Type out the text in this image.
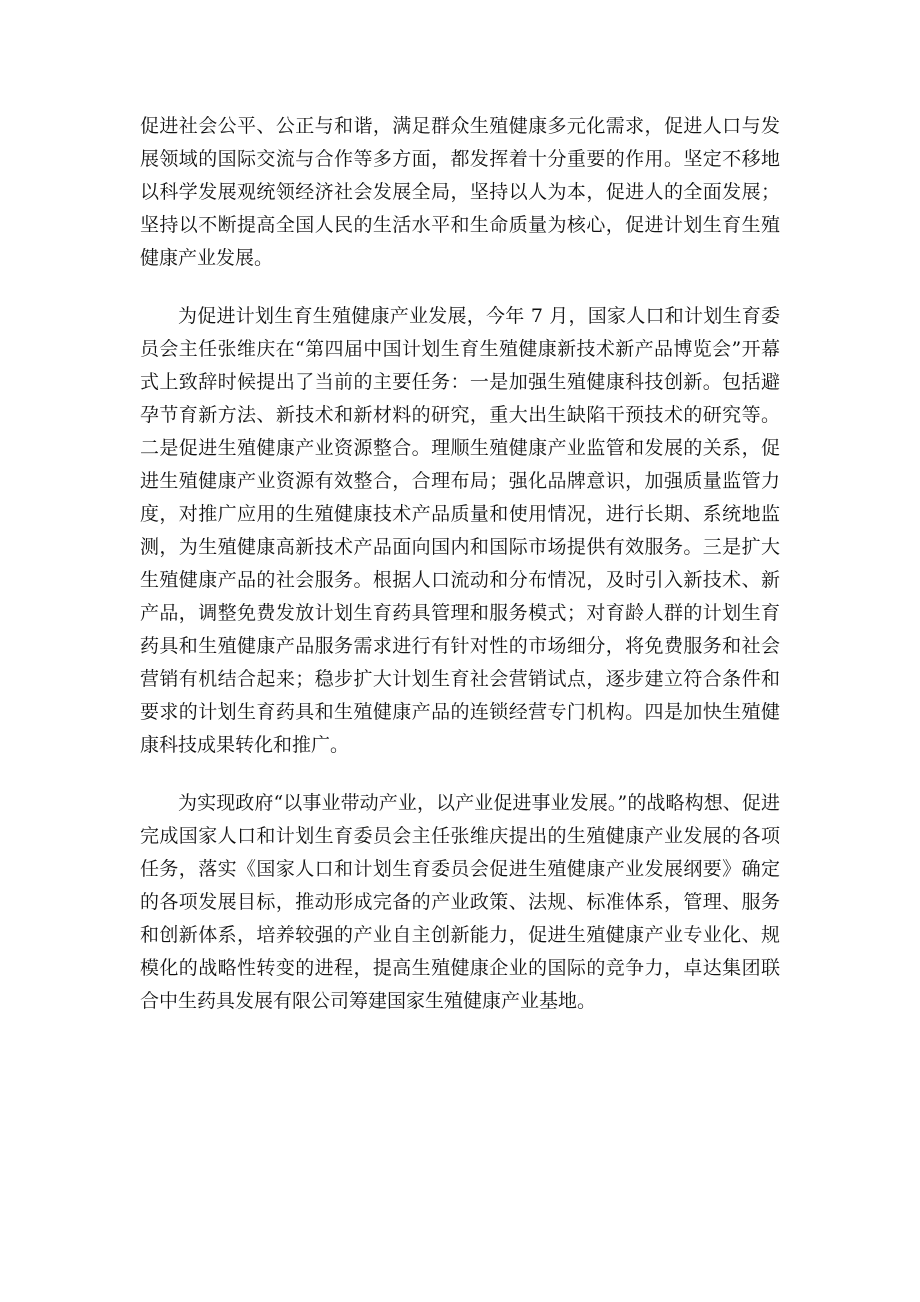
促进社会公平、公正与和谐，满足群众生殖健康多元化需求，促进人口与发展领域的国际交流与合作等多方面，都发挥着十分重要的作用。坚定不移地以科学发展观统领经济社会发展全局，坚持以人为本，促进人的全面发展；坚持以不断提高全国人民的生活水平和生命质量为核心，促进计划生育生殖健康产业发展。

为促进计划生育生殖健康产业发展，今年 7 月，国家人口和计划生育委员会主任张维庆在“第四届中国计划生育生殖健康新技术新产品博览会”开幕式上致辞时候提出了当前的主要任务：一是加强生殖健康科技创新。包括避孕节育新方法、新技术和新材料的研究，重大出生缺陷干预技术的研究等。二是促进生殖健康产业资源整合。理顺生殖健康产业监管和发展的关系，促进生殖健康产业资源有效整合，合理布局；强化品牌意识，加强质量监管力度，对推广应用的生殖健康技术产品质量和使用情况，进行长期、系统地监测，为生殖健康高新技术产品面向国内和国际市场提供有效服务。三是扩大生殖健康产品的社会服务。根据人口流动和分布情况，及时引入新技术、新产品，调整免费发放计划生育药具管理和服务模式；对育龄人群的计划生育药具和生殖健康产品服务需求进行有针对性的市场细分，将免费服务和社会营销有机结合起来；稳步扩大计划生育社会营销试点，逐步建立符合条件和要求的计划生育药具和生殖健康产品的连锁经营专门机构。四是加快生殖健康科技成果转化和推广。

为实现政府“以事业带动产业，以产业促进事业发展。”的战略构想、促进完成国家人口和计划生育委员会主任张维庆提出的生殖健康产业发展的各项任务，落实《国家人口和计划生育委员会促进生殖健康产业发展纲要》确定的各项发展目标，推动形成完备的产业政策、法规、标准体系，管理、服务和创新体系，培养较强的产业自主创新能力，促进生殖健康产业专业化、规模化的战略性转变的进程，提高生殖健康企业的国际的竞争力，卓达集团联合中生药具发展有限公司筹建国家生殖健康产业基地。
